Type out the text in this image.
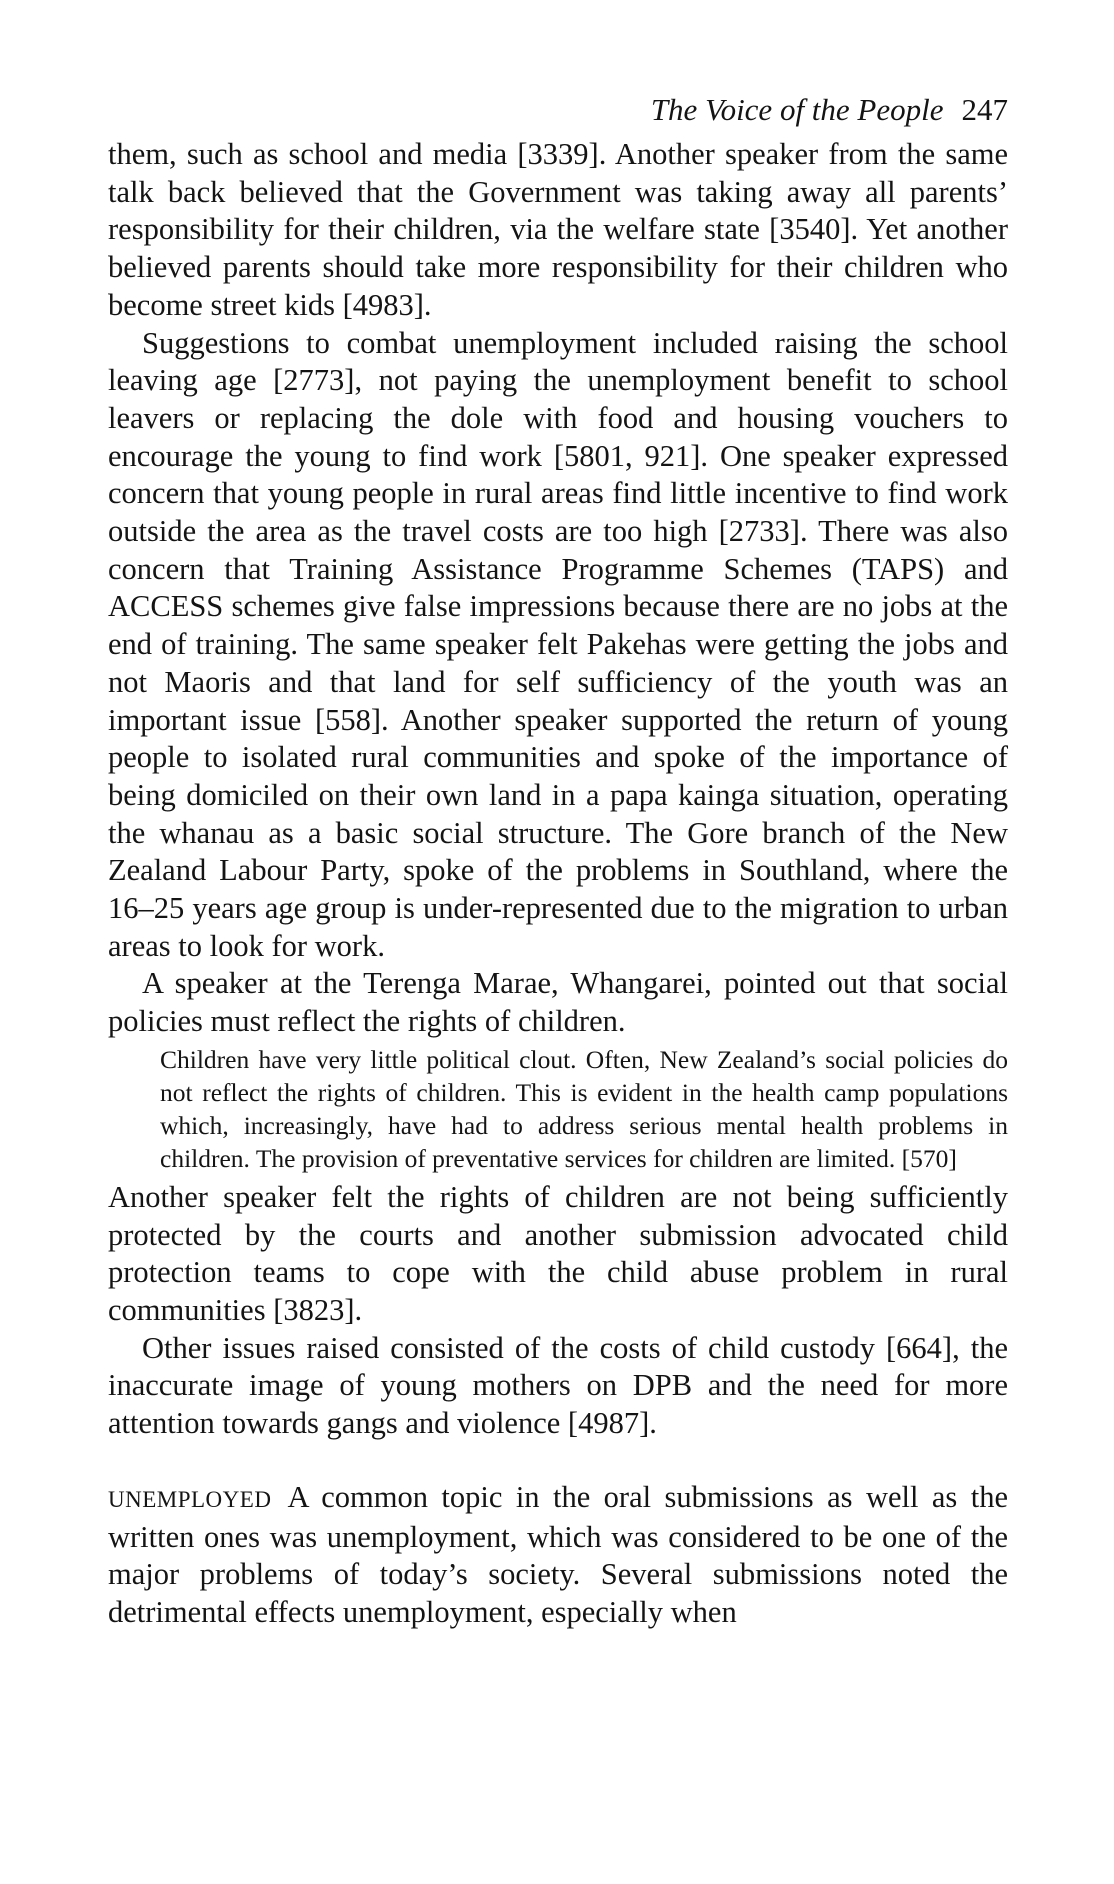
The Voice of the People 247

them, such as school and media [3339]. Another speaker from the same talk back believed that the Government was taking away all parents’ responsibility for their children, via the welfare state [3540]. Yet another believed parents should take more responsibility for their children who become street kids [4983].

Suggestions to combat unemployment included raising the school leaving age [2773], not paying the unemployment benefit to school leavers or replacing the dole with food and housing vouchers to encourage the young to find work [5801, 921]. One speaker expressed concern that young people in rural areas find little incentive to find work outside the area as the travel costs are too high [2733]. There was also concern that Training Assistance Programme Schemes (TAPS) and ACCESS schemes give false impressions because there are no jobs at the end of training. The same speaker felt Pakehas were getting the jobs and not Maoris and that land for self sufficiency of the youth was an important issue [558]. Another speaker supported the return of young people to isolated rural communities and spoke of the importance of being domiciled on their own land in a papa kainga situation, operating the whanau as a basic social structure. The Gore branch of the New Zealand Labour Party, spoke of the problems in Southland, where the 16–25 years age group is under-represented due to the migration to urban areas to look for work.

A speaker at the Terenga Marae, Whangarei, pointed out that social policies must reflect the rights of children.

Children have very little political clout. Often, New Zealand’s social policies do not reflect the rights of children. This is evident in the health camp populations which, increasingly, have had to address serious mental health problems in children. The provision of preventative services for children are limited. [570]

Another speaker felt the rights of children are not being sufficiently protected by the courts and another submission advocated child protection teams to cope with the child abuse problem in rural communities [3823].

Other issues raised consisted of the costs of child custody [664], the inaccurate image of young mothers on DPB and the need for more attention towards gangs and violence [4987].

UNEMPLOYED A common topic in the oral submissions as well as the written ones was unemployment, which was considered to be one of the major problems of today’s society. Several submissions noted the detrimental effects unemployment, especially when
